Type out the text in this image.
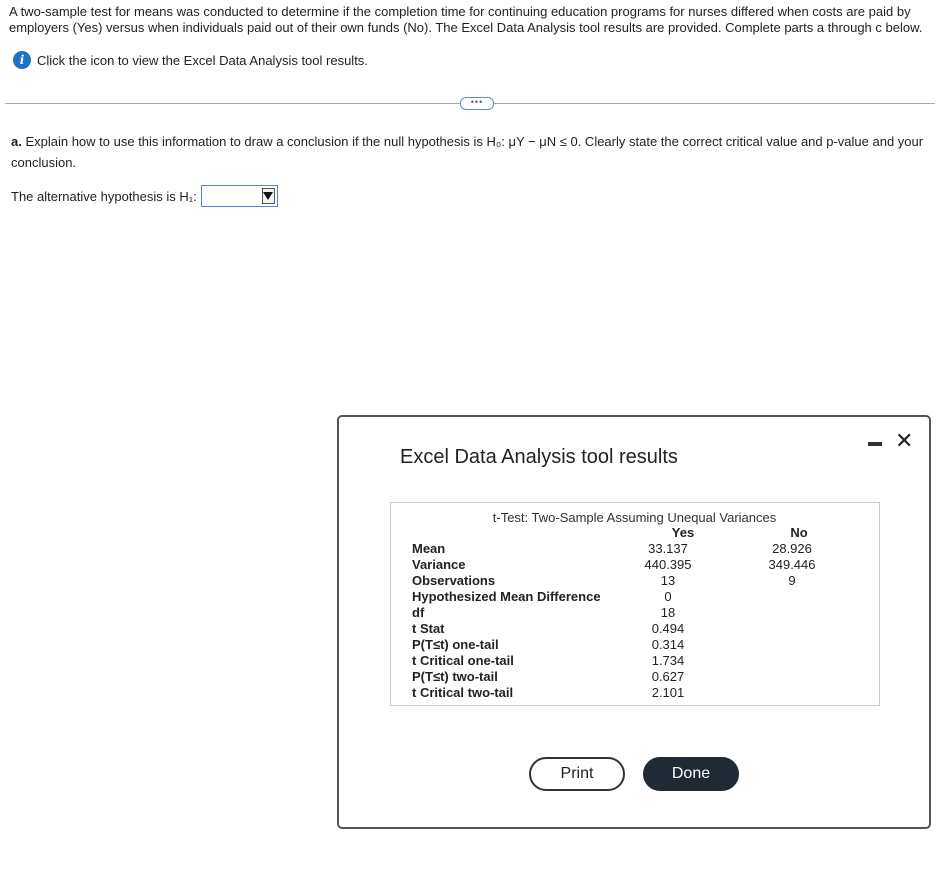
A two-sample test for means was conducted to determine if the completion time for continuing education programs for nurses differed when costs are paid by employers (Yes) versus when individuals paid out of their own funds (No). The Excel Data Analysis tool results are provided. Complete parts a through c below.
i Click the icon to view the Excel Data Analysis tool results.
•••
a. Explain how to use this information to draw a conclusion if the null hypothesis is H₀: μY − μN ≤ 0. Clearly state the correct critical value and p-value and your conclusion.
The alternative hypothesis is H₁:
Excel Data Analysis tool results
✕
t-Test: Two-Sample Assuming Unequal Variances
Yes	No
Mean	33.137	28.926
Variance	440.395	349.446
Observations	13	9
Hypothesized Mean Difference	0
df	18
t Stat	0.494
P(T≤t) one-tail	0.314
t Critical one-tail	1.734
P(T≤t) two-tail	0.627
t Critical two-tail	2.101
Print	Done
